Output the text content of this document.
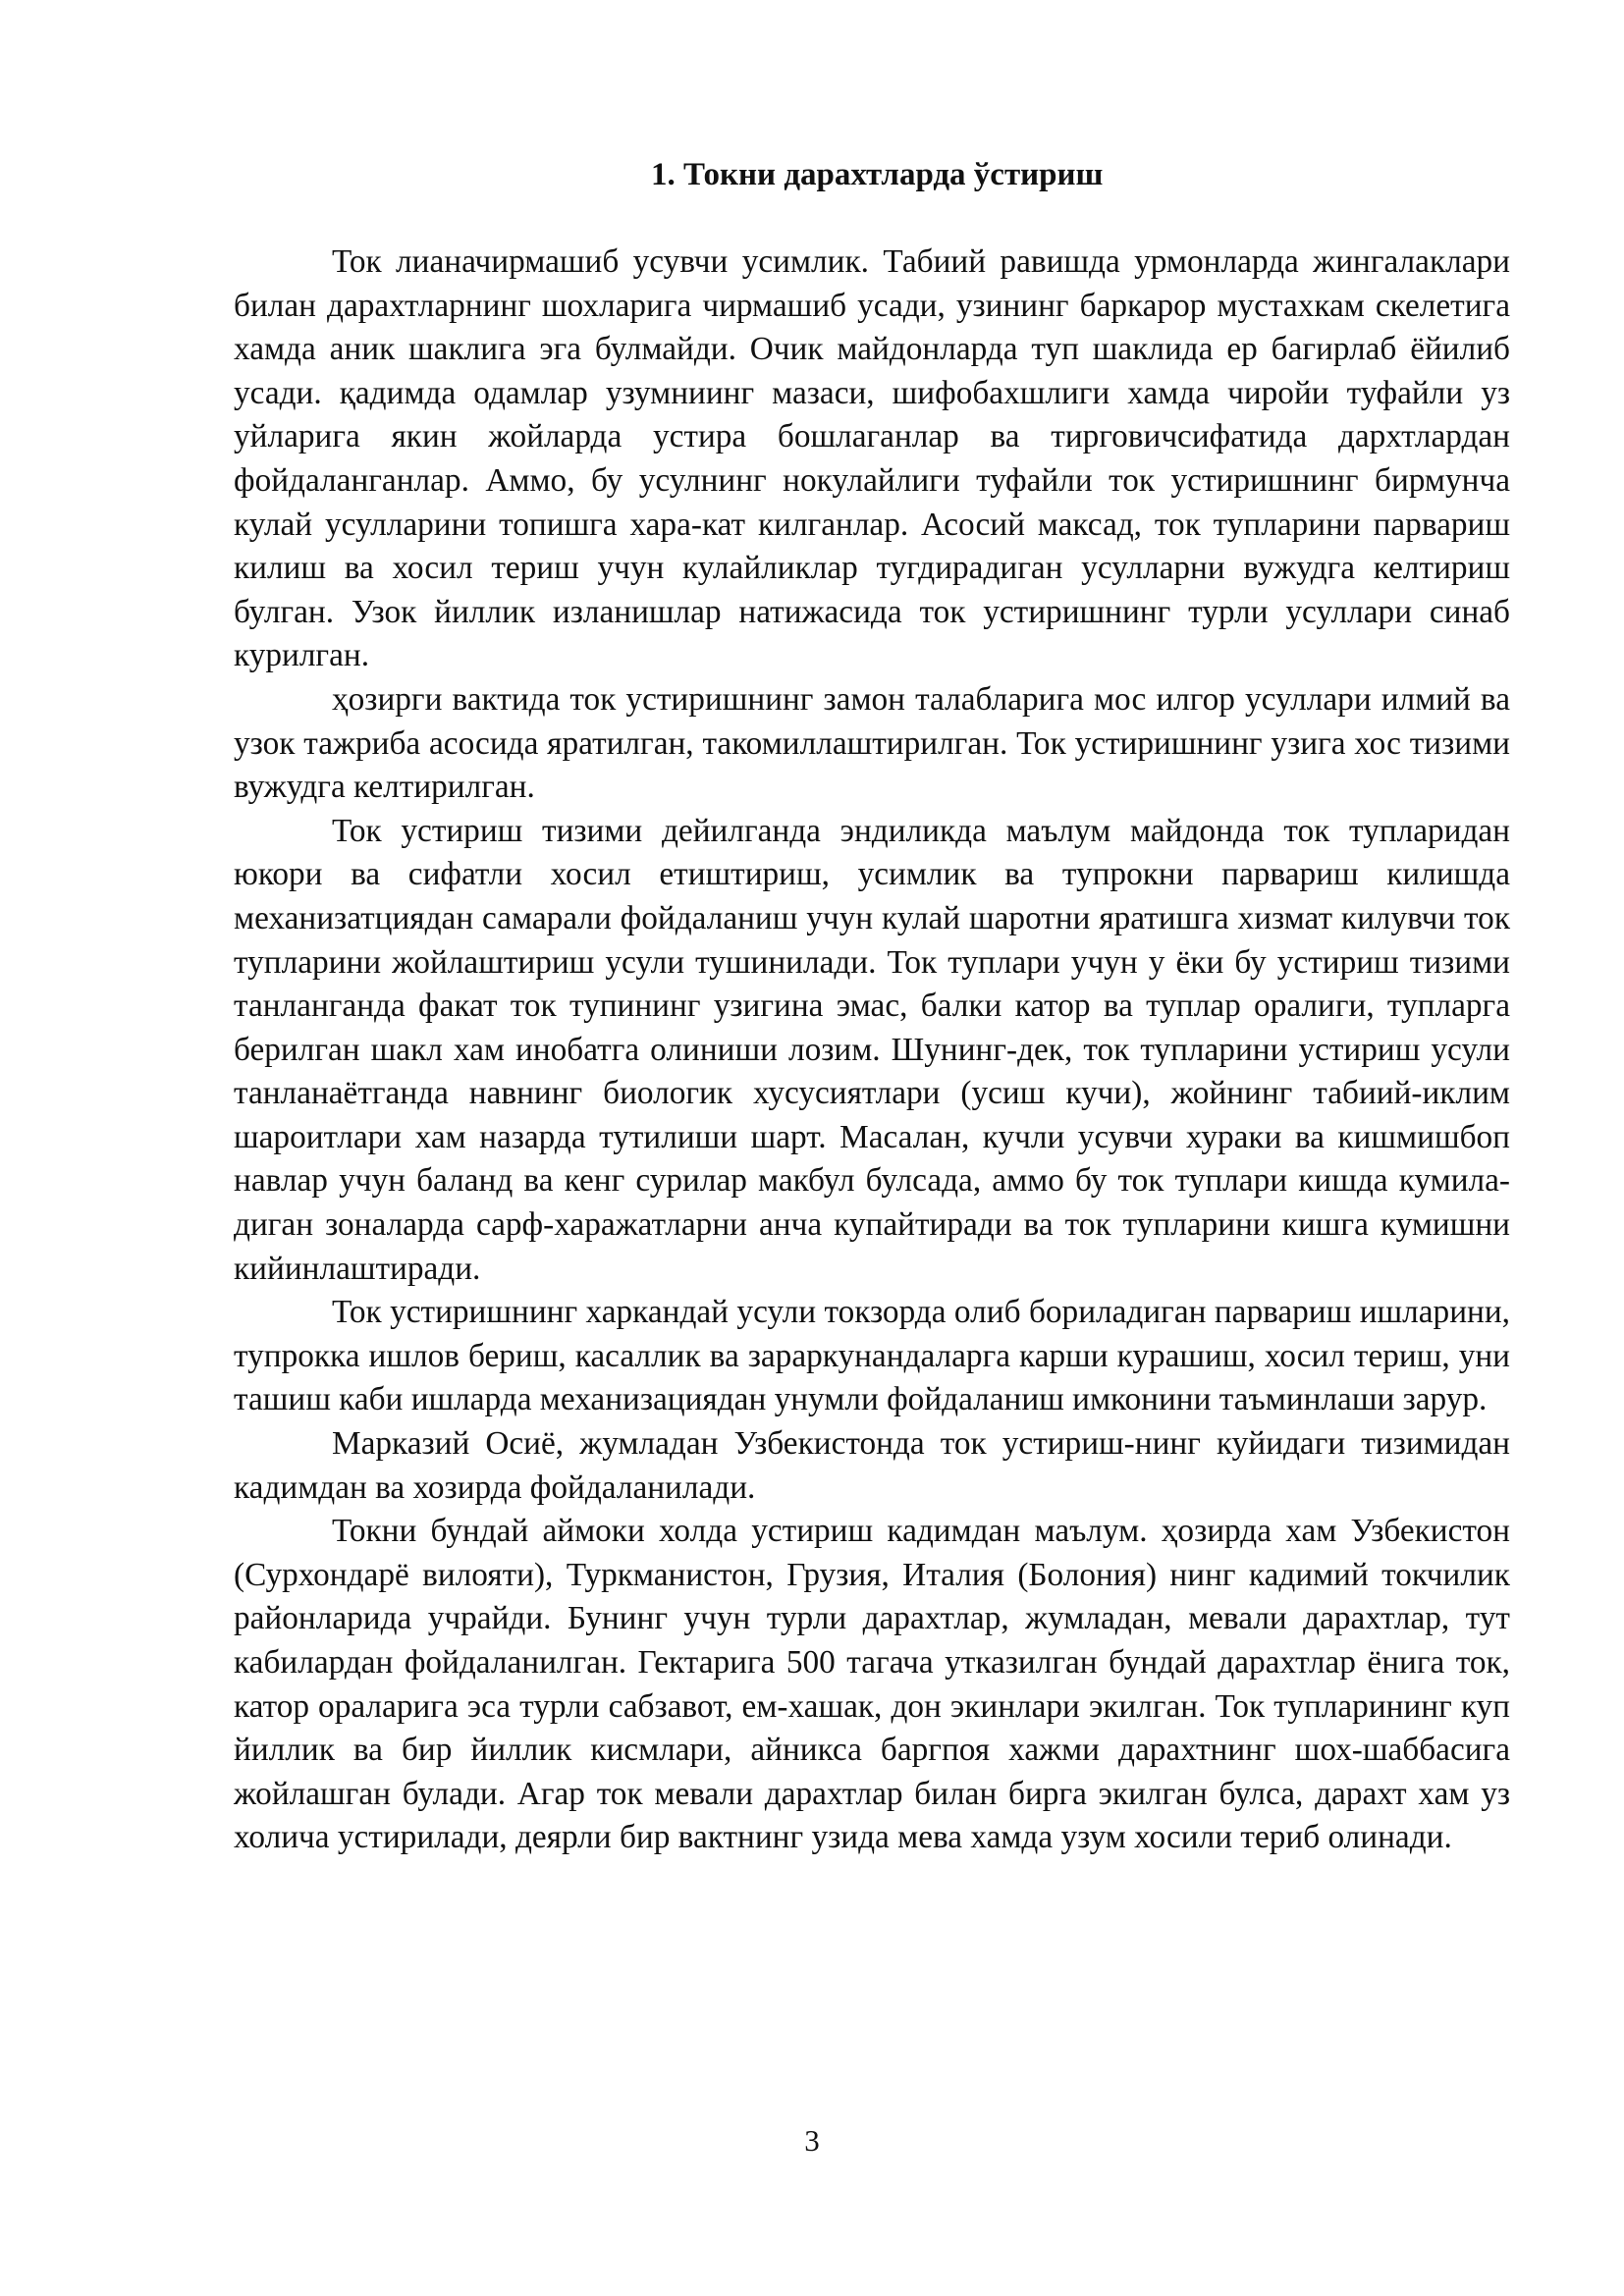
1. Токни дарахтларда ўстириш

Ток лианачирмашиб усувчи усимлик. Табиий равишда урмонларда жингалаклари билан дарахтларнинг шохларига чирмашиб усади, узининг баркарор мустахкам скелетига хамда аник шаклига эга булмайди. Очик майдонларда туп шаклида ер багирлаб ёйилиб усади. қадимда одамлар узумниинг мазаси, шифобахшлиги хамда чиройи туфайли уз уйларига якин жойларда устира бошлаганлар ва тирговичсифатида дархтлардан фойдаланганлар. Аммо, бу усулнинг нокулайлиги туфайли ток устиришнинг бирмунча кулай усулларини топишга хара-кат килганлар. Асосий максад, ток тупларини парвариш килиш ва хосил териш учун кулайликлар тугдирадиган усулларни вужудга келтириш булган. Узок йиллик изланишлар натижасида ток устиришнинг турли усуллари синаб курилган.

ҳозирги вактида ток устиришнинг замон талабларига мос илгор усуллари илмий ва узок тажриба асосида яратилган, такомиллаштирилган. Ток устиришнинг узига хос тизими вужудга келтирилган.

Ток устириш тизими дейилганда эндиликда маълум майдонда ток тупларидан юкори ва сифатли хосил етиштириш, усимлик ва тупрокни парвариш килишда механизатциядан самарали фойдаланиш учун кулай шаротни яратишга хизмат килувчи ток тупларини жойлаштириш усули тушинилади. Ток туплари учун у ёки бу устириш тизими танланганда факат ток тупининг узигина эмас, балки катор ва туплар оралиги, тупларга берилган шакл хам инобатга олиниши лозим. Шунинг-дек, ток тупларини устириш усули танланаётганда навнинг биологик хусусиятлари (усиш кучи), жойнинг табиий-иклим шароитлари хам назарда тутилиши шарт. Масалан, кучли усувчи хураки ва кишмишбоп навлар учун баланд ва кенг сурилар макбул булсада, аммо бу ток туплари кишда кумила-диган зоналарда сарф-харажатларни анча купайтиради ва ток тупларини кишга кумишни кийинлаштиради.

Ток устиришнинг харкандай усули токзорда олиб бориладиган парвариш ишларини, тупрокка ишлов бериш, касаллик ва зараркунандаларга карши курашиш, хосил териш, уни ташиш каби ишларда механизациядан унумли фойдаланиш имконини таъминлаши зарур.

Марказий Осиё, жумладан Узбекистонда ток устириш-нинг куйидаги тизимидан кадимдан ва хозирда фойдаланилади.

Токни бундай аймоки холда устириш кадимдан маълум. ҳозирда хам Узбекистон (Сурхондарё вилояти), Туркманистон, Грузия, Италия (Болония) нинг кадимий токчилик районларида учрайди. Бунинг учун турли дарахтлар, жумладан, мевали дарахтлар, тут кабилардан фойдаланилган. Гектарига 500 тагача утказилган бундай дарахтлар ёнига ток, катор ораларига эса турли сабзавот, ем-хашак, дон экинлари экилган. Ток тупларининг куп йиллик ва бир йиллик кисмлари, айникса баргпоя хажми дарахтнинг шох-шаббасига жойлашган булади. Агар ток мевали дарахтлар билан бирга экилган булса, дарахт хам уз холича устирилади, деярли бир вактнинг узида мева хамда узум хосили териб олинади.

3
